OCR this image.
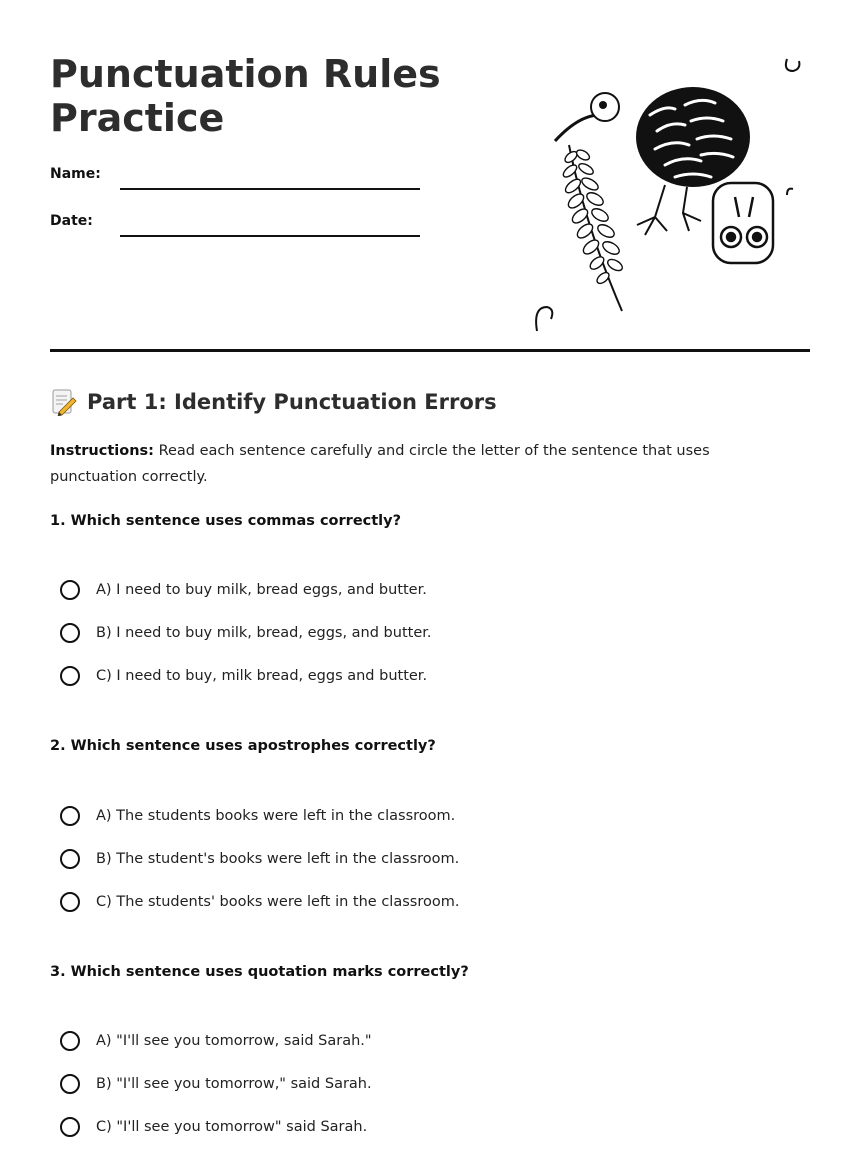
Punctuation Rules Practice
Name:
Date:
Part 1: Identify Punctuation Errors

Instructions: Read each sentence carefully and circle the letter of the sentence that uses punctuation correctly.

1. Which sentence uses commas correctly?

A) I need to buy milk, bread eggs, and butter.
B) I need to buy milk, bread, eggs, and butter.
C) I need to buy, milk bread, eggs and butter.

2. Which sentence uses apostrophes correctly?

A) The students books were left in the classroom.
B) The student's books were left in the classroom.
C) The students' books were left in the classroom.

3. Which sentence uses quotation marks correctly?

A) "I'll see you tomorrow, said Sarah."
B) "I'll see you tomorrow," said Sarah.
C) "I'll see you tomorrow" said Sarah.
